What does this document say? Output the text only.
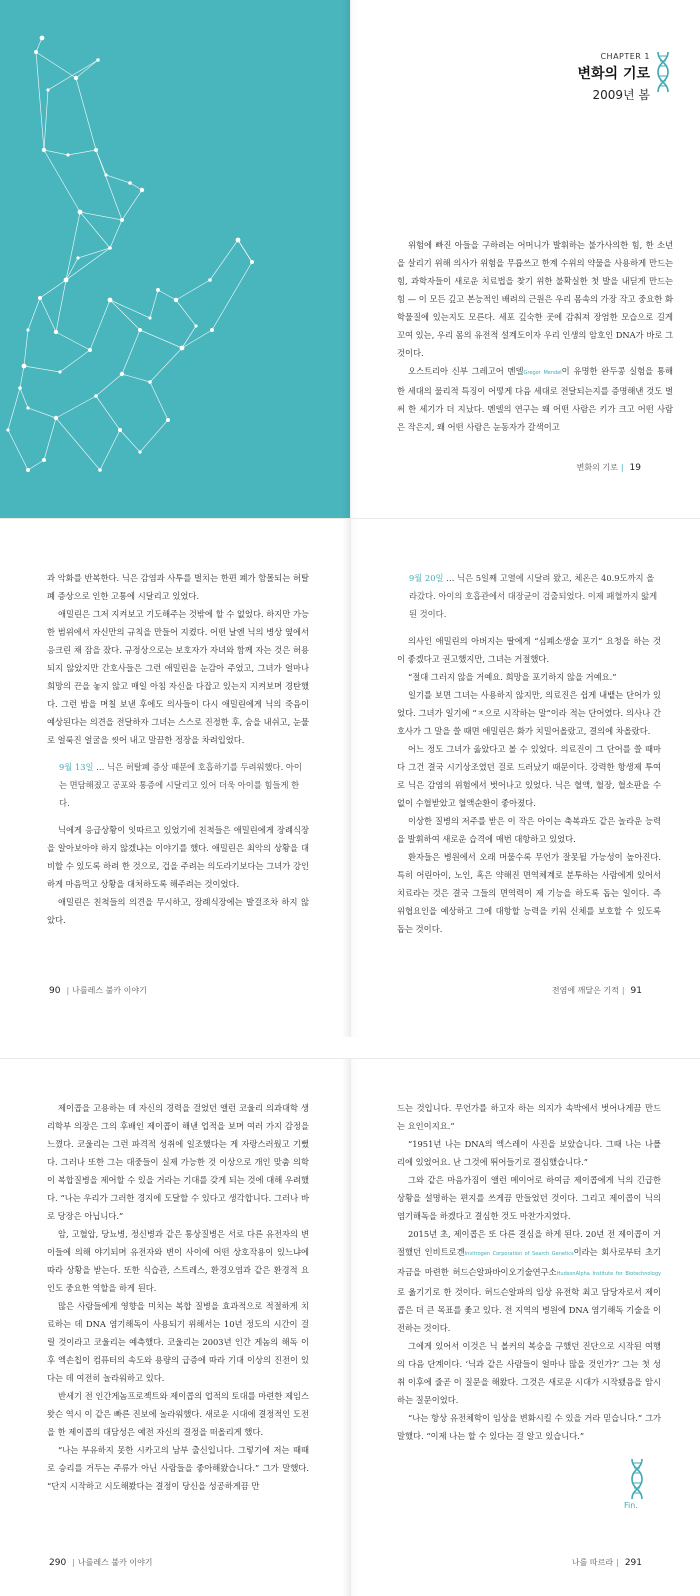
CHAPTER 1
변화의 기로
2009년 봄

위험에 빠진 아들을 구하려는 어머니가 발휘하는 불가사의한 힘, 한 소년을 살리기 위해 의사가 위험을 무릅쓰고 한계 수위의 약물을 사용하게 만드는 힘, 과학자들이 새로운 치료법을 찾기 위한 불확실한 첫 발을 내딛게 만드는 힘 — 이 모든 깊고 본능적인 배려의 근원은 우리 몸속의 가장 작고 중요한 화학물질에 있는지도 모른다. 세포 깊숙한 곳에 감춰져 장엄한 모습으로 길게 꼬여 있는, 우리 몸의 유전적 설계도이자 우리 인생의 암호인 DNA가 바로 그것이다.

오스트리아 신부 그레고어 멘델Gregor Mendel이 유명한 완두콩 실험을 통해 한 세대의 물리적 특징이 어떻게 다음 세대로 전달되는지를 증명해낸 것도 벌써 한 세기가 더 지났다. 멘델의 연구는 왜 어떤 사람은 키가 크고 어떤 사람은 작은지, 왜 어떤 사람은 눈동자가 갈색이고

변화의 기로 | 19

과 악화를 반복한다. 닉은 감염과 사투를 벌치는 한편 폐가 함몰되는 허탈폐 증상으로 인한 고통에 시달리고 있었다.

애밀린은 그저 지켜보고 기도해주는 것밖에 할 수 없었다. 하지만 가능한 범위에서 자신만의 규칙을 만들어 지켰다. 어떤 날엔 닉의 병상 옆에서 응크린 채 잠을 잤다. 규정상으로는 보호자가 자녀와 함께 자는 것은 허용되지 않았지만 간호사들은 그런 애밀린을 눈감아 주었고, 그녀가 얼마나 희망의 끈을 놓지 않고 매일 아침 자신을 다잡고 있는지 지켜보며 경탄했다. 그런 밤을 며칠 보낸 후에도 의사들이 다시 애밀린에게 닉의 죽음이 예상된다는 의견을 전달하자 그녀는 스스로 진정한 후, 숨을 내쉬고, 눈물로 얼룩진 얼굴을 씻어 내고 말끔한 정장을 차려입었다.

9월 13일 … 닉은 허탈폐 증상 때문에 호흡하기를 두려워했다. 아이는 면담해졌고 공포와 통증에 시달리고 있어 더욱 아이를 힘들게 한다.

닉에게 응급상황이 잇따르고 있었기에 친척들은 애밀린에게 장례식장을 알아보아야 하지 않겠냐는 이야기를 했다. 애밀린은 최악의 상황을 대비할 수 있도록 하려 한 것으로, 겁을 주려는 의도라기보다는 그녀가 강인하게 마음먹고 상황을 대처하도록 해주려는 것이었다.

애밀린은 친척들의 의견을 무시하고, 장례식장에는 발걸조차 하지 않았다.

90 | 나를레스 불카 이야기
9월 20일 … 닉은 5일째 고열에 시달려 왔고, 체온은 40.9도까지 올라갔다. 아이의 호흡관에서 대장균이 검출되었다. 이제 패혈까지 앓게 된 것이다.

의사인 애밀린의 아버지는 딸에게 “심폐소생술 포기” 요청을 하는 것이 좋겠다고 권고했지만, 그녀는 거절했다.

“절대 그러지 않을 거예요. 희망을 포기하지 않을 거예요.”

일기를 보면 그녀는 사용하지 않지만, 의료진은 쉽게 내뱉는 단어가 있었다. 그녀가 일기에 “ㅈ으로 시작하는 말”이라 적는 단어였다. 의사나 간호사가 그 말을 쓸 때면 애밀린은 화가 치밀어올랐고, 결의에 차올랐다.

어느 정도 그녀가 옳았다고 볼 수 있었다. 의료진이 그 단어를 쓸 때마다 그건 결국 시기상조였던 걸로 드러났기 때문이다. 강력한 항생제 투여로 닉은 감염의 위험에서 벗어나고 있었다. 닉은 혈액, 혈장, 혈소판을 수없이 수혈받았고 혈액순환이 좋아졌다.

이상한 질병의 저주를 받은 이 작은 아이는 축복과도 같은 놀라운 능력을 발휘하여 새로운 습격에 매번 대항하고 있었다.

환자들은 병원에서 오래 머물수록 무언가 잘못될 가능성이 높아진다. 특히 어린아이, 노인, 혹은 약해진 면역체계로 분투하는 사람에게 있어서 치료라는 것은 결국 그들의 면역력이 제 기능을 하도록 돕는 일이다. 즉 위협요인을 예상하고 그에 대항할 능력을 키워 신체를 보호할 수 있도록 돕는 것이다.

전염에 깨달은 기적 | 91

제이콥을 고용하는 데 자신의 경력을 걸었던 앨런 코울리 의과대학 생리학부 의장은 그의 후배인 제이콥이 해낸 업적을 보며 여러 가지 감정을 느꼈다. 코울리는 그런 파격적 성취에 일조했다는 게 자랑스러웠고 기뻤다. 그러나 또한 그는 대중들이 실제 가능한 것 이상으로 개인 맞춤 의학이 복합질병을 제어할 수 있을 거라는 기대를 갖게 되는 것에 대해 우려했다. “나는 우리가 그러한 경지에 도달할 수 있다고 생각합니다. 그러나 바로 당장은 아닙니다.”

암, 고혈압, 당뇨병, 정신병과 같은 통상질병은 서로 다른 유전자의 변이들에 의해 야기되며 유전자와 변이 사이에 어떤 상호작용이 있느냐에 따라 상황을 받는다. 또한 식습관, 스트레스, 환경오염과 같은 환경적 요인도 중요한 역할을 하게 된다.

많은 사람들에게 영향을 미치는 복합 질병을 효과적으로 적절하게 치료하는 데 DNA 염기해독이 사용되기 위해서는 10년 정도의 시간이 걸릴 것이라고 코울리는 예측했다. 코울리는 2003년 인간 게놈의 해독 이후 엑손칩이 컴퓨터의 속도와 용량의 급증에 따라 기대 이상의 진전이 있다는 데 여전히 놀라워하고 있다.

반세기 전 인간게놈프로젝트와 제이콥의 업적의 토대를 마련한 제임스 왓슨 역시 이 같은 빠른 진보에 놀라워했다. 새로운 시대에 결정적인 도전을 한 제이콥의 대담성은 예전 자신의 결정을 떠올리게 했다.

“나는 부유하지 못한 시카고의 남부 출신입니다. 그렇기에 저는 때때로 승리를 거두는 주류가 아닌 사람들을 좋아해왔습니다.” 그가 말했다. “단지 시작하고 시도해봤다는 결정이 당신을 성공하게끔 만

290 | 나를레스 불카 이야기

드는 것입니다. 무언가를 하고자 하는 의지가 속박에서 벗어나게끔 만드는 요인이지요.”

“1951년 나는 DNA의 엑스레이 사진을 보았습니다. 그때 나는 나폴리에 있었어요. 난 그것에 뛰어들기로 결심했습니다.”

그와 같은 마음가짐이 앨런 메이어로 하여금 제이콥에게 닉의 긴급한 상황을 설명하는 편지를 쓰게끔 만들었던 것이다. 그리고 제이콥이 닉의 염기해독을 하겠다고 결심한 것도 마찬가지였다.

2015년 초, 제이콥은 또 다른 결심을 하게 된다. 20년 전 제이콥이 거절했던 인비트로겐Invitrogen Corporation of Search Genetics이라는 회사로부터 초기 자금을 마련한 허드슨알파바이오기술연구소HudsonAlpha Institute for Biotechnology로 옮기기로 한 것이다. 허드슨알파의 임상 유전학 최고 담당자로서 제이콥은 더 큰 목표를 좇고 있다. 전 지역의 병원에 DNA 염기해독 기술을 이전하는 것이다.

그에게 있어서 이것은 닉 볼커의 복숭을 구했던 진단으로 시작된 여행의 다음 단계이다. ‘닉과 같은 사람들이 얼마나 많을 것인가?’ 그는 첫 성취 이후에 줄곧 이 질문을 해왔다. 그것은 새로운 시대가 시작됐음을 암시하는 질문이었다.

“나는 항상 유전체학이 임상을 변화시킬 수 있을 거라 믿습니다.” 그가 말했다. “이제 나는 할 수 있다는 걸 알고 있습니다.”

Fin.
나를 따르라 | 291
